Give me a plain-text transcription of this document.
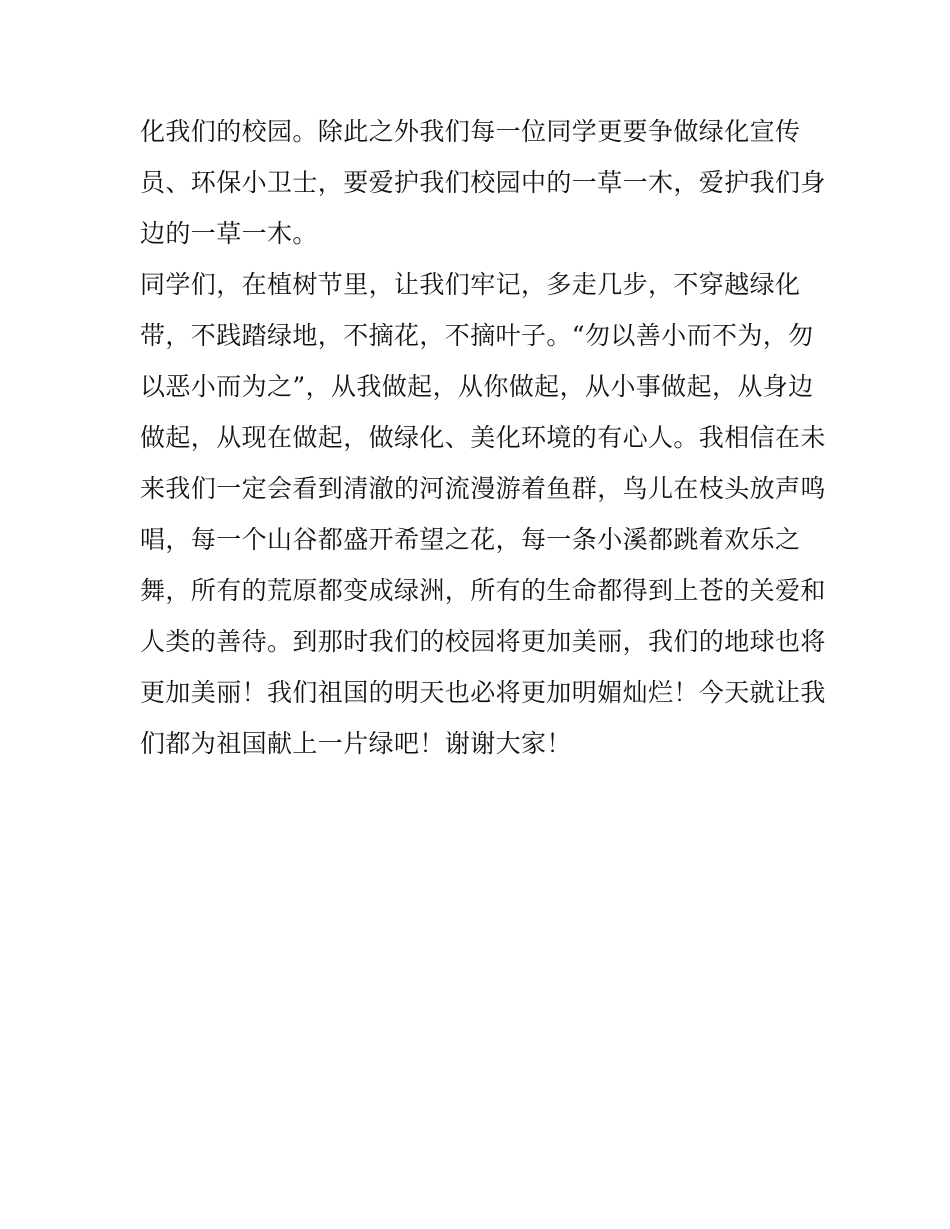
化我们的校园。除此之外我们每一位同学更要争做绿化宣传
员、环保小卫士，要爱护我们校园中的一草一木，爱护我们身
边的一草一木。
同学们，在植树节里，让我们牢记，多走几步，不穿越绿化
带，不践踏绿地，不摘花，不摘叶子。“勿以善小而不为，勿
以恶小而为之”，从我做起，从你做起，从小事做起，从身边
做起，从现在做起，做绿化、美化环境的有心人。我相信在未
来我们一定会看到清澈的河流漫游着鱼群，鸟儿在枝头放声鸣
唱，每一个山谷都盛开希望之花，每一条小溪都跳着欢乐之
舞，所有的荒原都变成绿洲，所有的生命都得到上苍的关爱和
人类的善待。到那时我们的校园将更加美丽，我们的地球也将
更加美丽！我们祖国的明天也必将更加明媚灿烂！今天就让我
们都为祖国献上一片绿吧！谢谢大家！
